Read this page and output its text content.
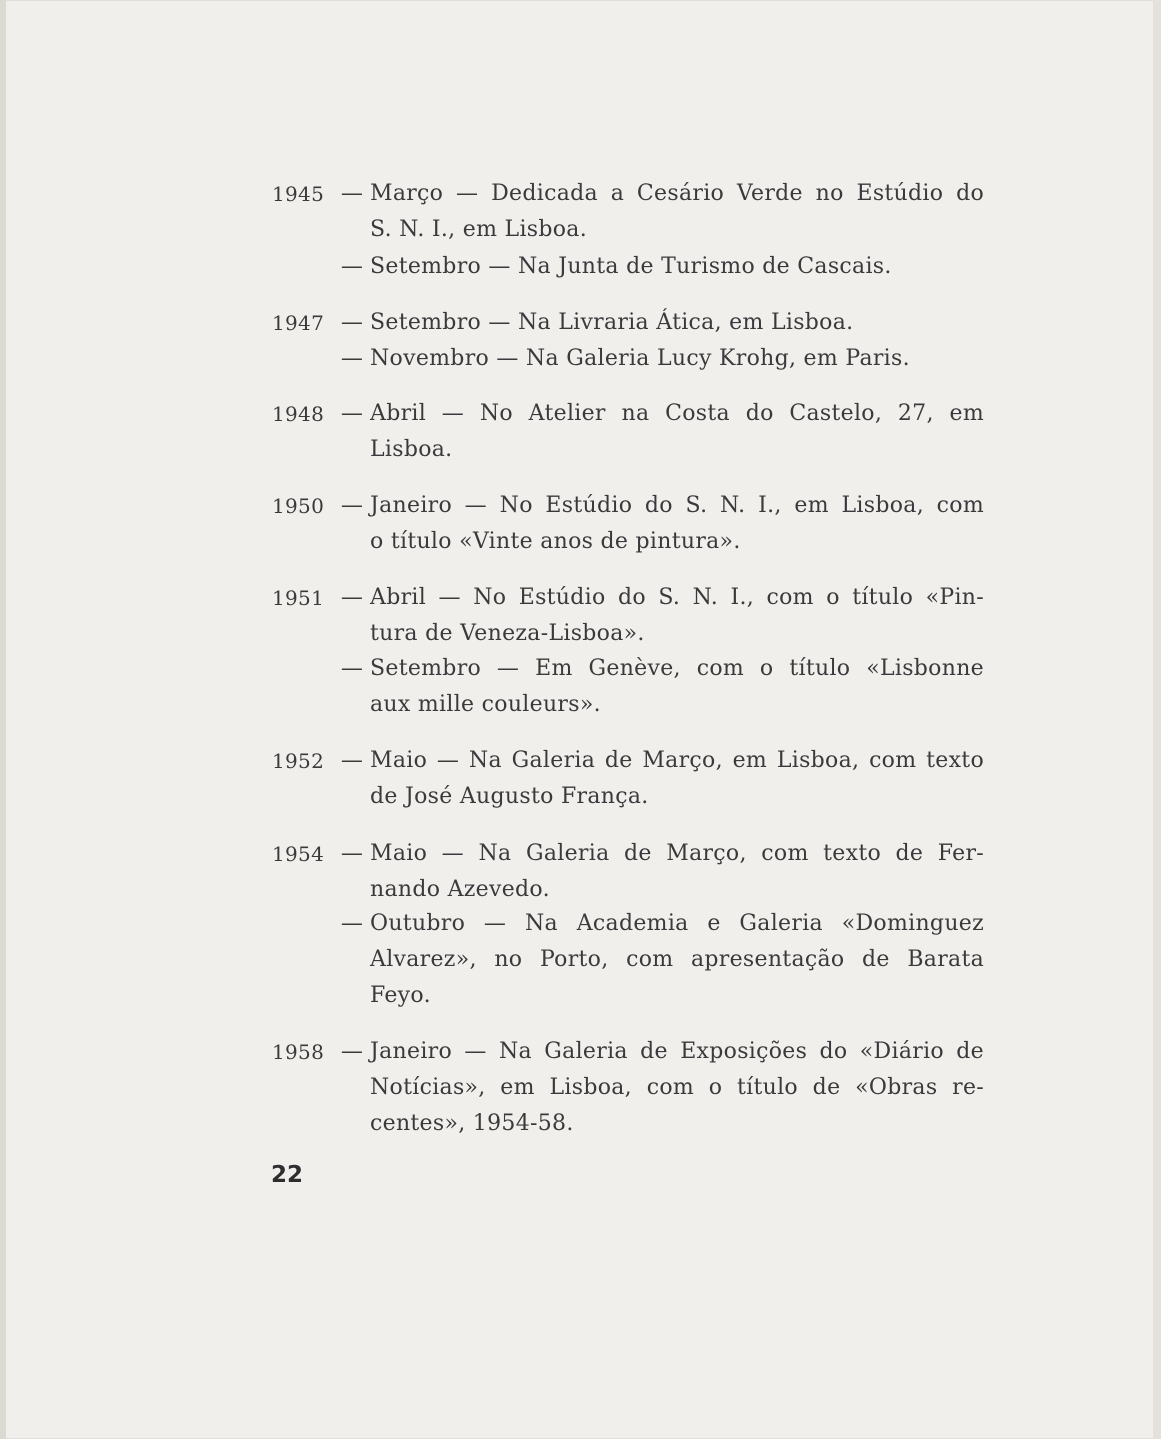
1945 — Março — Dedicada a Cesário Verde no Estúdio do
S. N. I., em Lisboa.
— Setembro — Na Junta de Turismo de Cascais.
1947 — Setembro — Na Livraria Ática, em Lisboa.
— Novembro — Na Galeria Lucy Krohg, em Paris.
1948 — Abril — No Atelier na Costa do Castelo, 27, em
Lisboa.
1950 — Janeiro — No Estúdio do S. N. I., em Lisboa, com
o título «Vinte anos de pintura».
1951 — Abril — No Estúdio do S. N. I., com o título «Pin-
tura de Veneza-Lisboa».
— Setembro — Em Genève, com o título «Lisbonne
aux mille couleurs».
1952 — Maio — Na Galeria de Março, em Lisboa, com texto
de José Augusto França.
1954 — Maio — Na Galeria de Março, com texto de Fer-
nando Azevedo.
— Outubro — Na Academia e Galeria «Dominguez
Alvarez», no Porto, com apresentação de Barata
Feyo.
1958 — Janeiro — Na Galeria de Exposições do «Diário de
Notícias», em Lisboa, com o título de «Obras re-
centes», 1954-58.
22
